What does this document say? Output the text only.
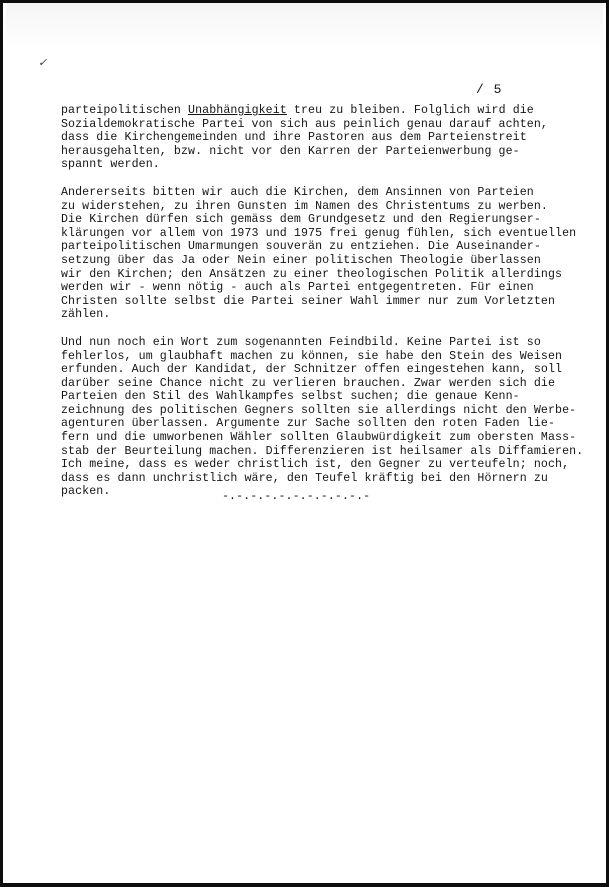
✓
/ 5
parteipolitischen Unabhängigkeit treu zu bleiben. Folglich wird die
Sozialdemokratische Partei von sich aus peinlich genau darauf achten,
dass die Kirchengemeinden und ihre Pastoren aus dem Parteienstreit
herausgehalten, bzw. nicht vor den Karren der Parteienwerbung ge-
spannt werden.
Andererseits bitten wir auch die Kirchen, dem Ansinnen von Parteien
zu widerstehen, zu ihren Gunsten im Namen des Christentums zu werben.
Die Kirchen dürfen sich gemäss dem Grundgesetz und den Regierungser-
klärungen vor allem von 1973 und 1975 frei genug fühlen, sich eventuellen
parteipolitischen Umarmungen souverän zu entziehen. Die Auseinander-
setzung über das Ja oder Nein einer politischen Theologie überlassen
wir den Kirchen; den Ansätzen zu einer theologischen Politik allerdings
werden wir - wenn nötig - auch als Partei entgegentreten. Für einen
Christen sollte selbst die Partei seiner Wahl immer nur zum Vorletzten
zählen.
Und nun noch ein Wort zum sogenannten Feindbild. Keine Partei ist so
fehlerlos, um glaubhaft machen zu können, sie habe den Stein des Weisen
erfunden. Auch der Kandidat, der Schnitzer offen eingestehen kann, soll
darüber seine Chance nicht zu verlieren brauchen. Zwar werden sich die
Parteien den Stil des Wahlkampfes selbst suchen; die genaue Kenn-
zeichnung des politischen Gegners sollten sie allerdings nicht den Werbe-
agenturen überlassen. Argumente zur Sache sollten den roten Faden lie-
fern und die umworbenen Wähler sollten Glaubwürdigkeit zum obersten Mass-
stab der Beurteilung machen. Differenzieren ist heilsamer als Diffamieren.
Ich meine, dass es weder christlich ist, den Gegner zu verteufeln; noch,
dass es dann unchristlich wäre, den Teufel kräftig bei den Hörnern zu
packen.	-.-.-.-.-.-.-.-.-.-.-
